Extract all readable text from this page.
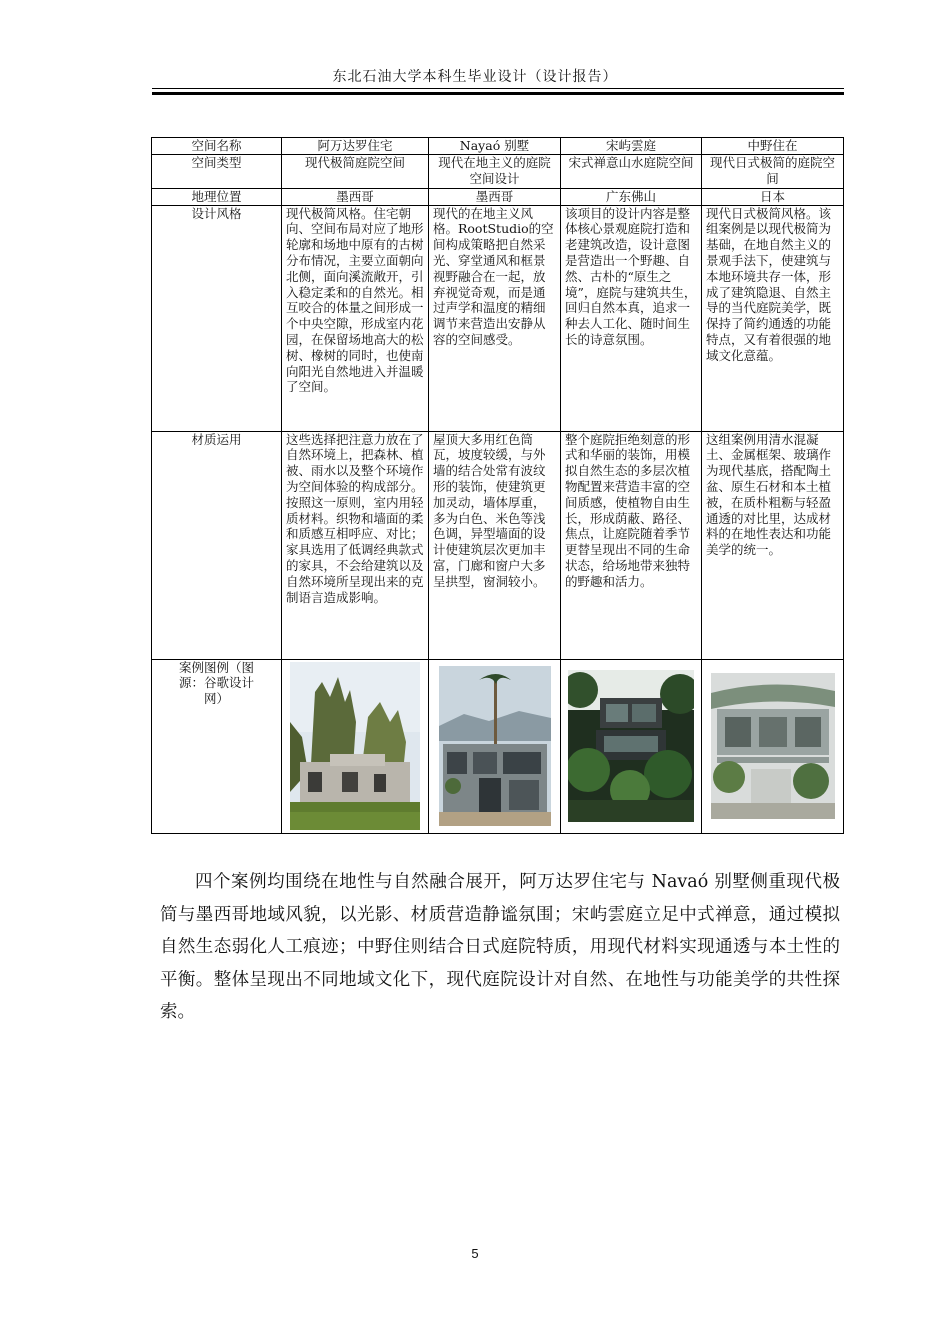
东北石油大学本科生毕业设计（设计报告）
空间名称	阿万达罗住宅	Nayaó 别墅	宋屿雲庭	中野住在
空间类型	现代极简庭院空间	现代在地主义的庭院空间设计	宋式禅意山水庭院空间	现代日式极简的庭院空间
地理位置	墨西哥	墨西哥	广东佛山	日本
设计风格	现代极简风格。住宅朝向、空间布局对应了地形轮廓和场地中原有的古树分布情况，主要立面朝向北侧，面向溪流敞开，引入稳定柔和的自然光。相互咬合的体量之间形成一个中央空隙，形成室内花园，在保留场地高大的松树、橡树的同时，也使南向阳光自然地进入并温暖了空间。	现代的在地主义风格。RootStudio的空间构成策略把自然采光、穿堂通风和框景视野融合在一起，放弃视觉奇观，而是通过声学和温度的精细调节来营造出安静从容的空间感受。	该项目的设计内容是整体核心景观庭院打造和老建筑改造，设计意图是营造出一个野趣、自然、古朴的“原生之境”，庭院与建筑共生，回归自然本真，追求一种去人工化、随时间生长的诗意氛围。	现代日式极简风格。该组案例是以现代极简为基础，在地自然主义的景观手法下，使建筑与本地环境共存一体，形成了建筑隐退、自然主导的当代庭院美学，既保持了简约通透的功能特点，又有着很强的地域文化意蕴。
材质运用	这些选择把注意力放在了自然环境上，把森林、植被、雨水以及整个环境作为空间体验的构成部分。按照这一原则，室内用轻质材料。织物和墙面的柔和质感互相呼应、对比；家具选用了低调经典款式的家具，不会给建筑以及自然环境所呈现出来的克制语言造成影响。	屋顶大多用红色筒瓦，坡度较缓，与外墙的结合处常有波纹形的装饰，使建筑更加灵动，墙体厚重，多为白色、米色等浅色调，异型墙面的设计使建筑层次更加丰富，门廊和窗户大多呈拱型，窗洞较小。	整个庭院拒绝刻意的形式和华丽的装饰，用模拟自然生态的多层次植物配置来营造丰富的空间质感，使植物自由生长，形成荫蔽、路径、焦点，让庭院随着季节更替呈现出不同的生命状态，给场地带来独特的野趣和活力。	这组案例用清水混凝土、金属框架、玻璃作为现代基底，搭配陶土盆、原生石材和本土植被，在质朴粗粝与轻盈通透的对比里，达成材料的在地性表达和功能美学的统一。
案例图例（图源：谷歌设计网）	

四个案例均围绕在地性与自然融合展开，阿万达罗住宅与 Navaó 别墅侧重现代极简与墨西哥地域风貌，以光影、材质营造静谧氛围；宋屿雲庭立足中式禅意，通过模拟自然生态弱化人工痕迹；中野住则结合日式庭院特质，用现代材料实现通透与本土性的平衡。整体呈现出不同地域文化下，现代庭院设计对自然、在地性与功能美学的共性探索。
5
